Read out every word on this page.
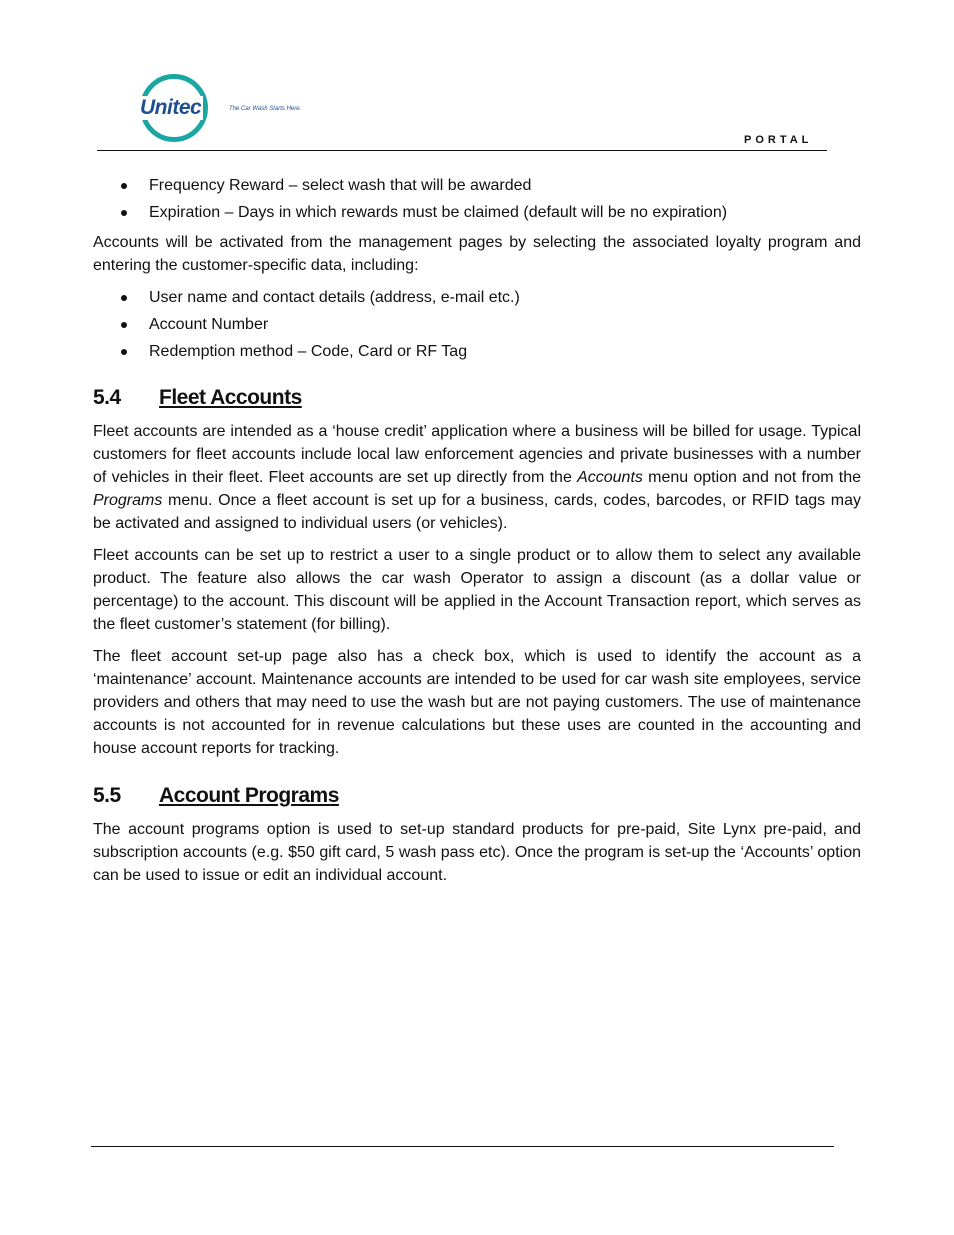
Unitec	The Car Wash Starts Here.
PORTAL
Frequency Reward – select wash that will be awarded
Expiration – Days in which rewards must be claimed (default will be no expiration)

Accounts will be activated from the management pages by selecting the associated loyalty program and entering the customer-specific data, including:

User name and contact details (address, e-mail etc.)
Account Number
Redemption method – Code, Card or RF Tag
5.4 Fleet Accounts

Fleet accounts are intended as a ‘house credit’ application where a business will be billed for usage. Typical customers for fleet accounts include local law enforcement agencies and private businesses with a number of vehicles in their fleet. Fleet accounts are set up directly from the Accounts menu option and not from the Programs menu. Once a fleet account is set up for a business, cards, codes, barcodes, or RFID tags may be activated and assigned to individual users (or vehicles).

Fleet accounts can be set up to restrict a user to a single product or to allow them to select any available product. The feature also allows the car wash Operator to assign a discount (as a dollar value or percentage) to the account. This discount will be applied in the Account Transaction report, which serves as the fleet customer’s statement (for billing).

The fleet account set-up page also has a check box, which is used to identify the account as a ‘maintenance’ account. Maintenance accounts are intended to be used for car wash site employees, service providers and others that may need to use the wash but are not paying customers. The use of maintenance accounts is not accounted for in revenue calculations but these uses are counted in the accounting and house account reports for tracking.

5.5 Account Programs

The account programs option is used to set-up standard products for pre-paid, Site Lynx pre-paid, and subscription accounts (e.g. $50 gift card, 5 wash pass etc). Once the program is set-up the ‘Accounts’ option can be used to issue or edit an individual account.
